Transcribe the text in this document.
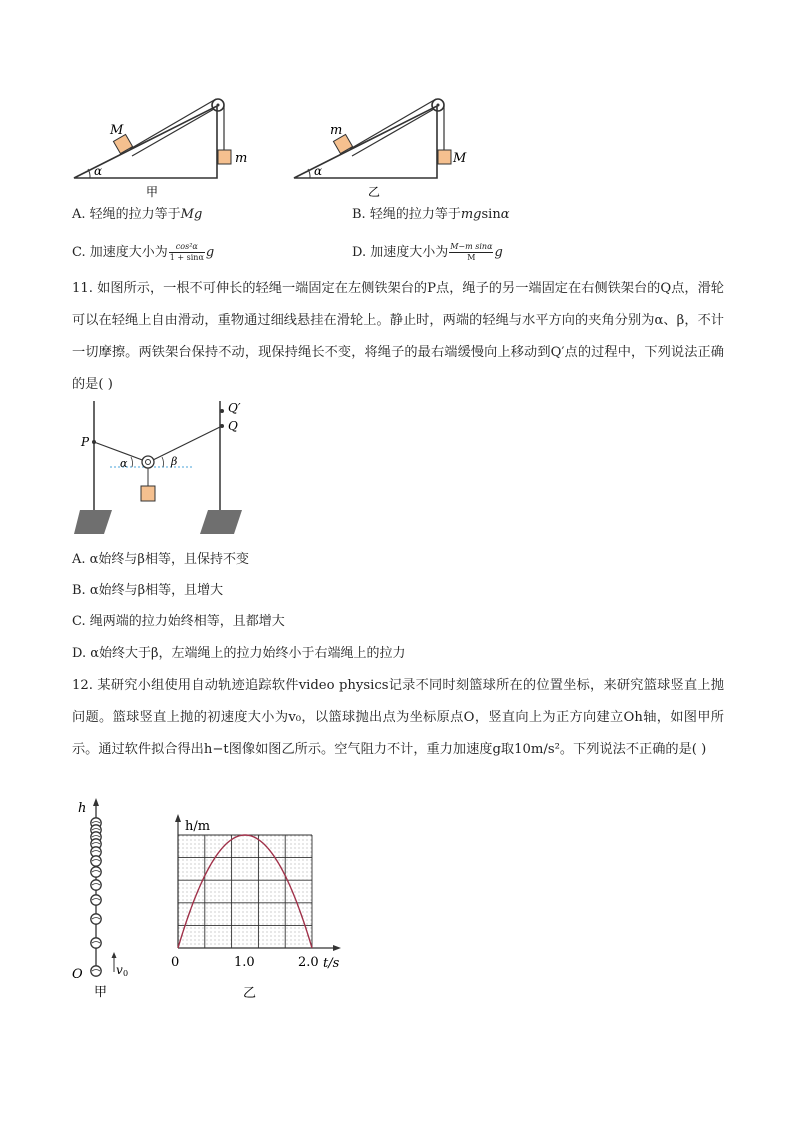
M
m
α
甲
m
M
α
乙
A. 轻绳的拉力等于Mg	B. 轻绳的拉力等于mgsinα
C. 加速度大小为 $\frac{\text{cos²α}}{1 + \sin\alpha}$ g	D. 加速度大小为 $\frac{\text{M−m sinα}}{M}$ g
11. 如图所示，一根不可伸长的轻绳一端固定在左侧铁架台的P点，绳子的另一端固定在右侧铁架台的Q点，滑轮可以在轻绳上自由滑动，重物通过细线悬挂在滑轮上。静止时，两端的轻绳与水平方向的夹角分别为α、β，不计一切摩擦。两铁架台保持不动，现保持绳长不变，将绳子的最右端缓慢向上移动到Q′点的过程中，下列说法正确的是( )
P
Q
Q′
α	β
A. α始终与β相等，且保持不变
B. α始终与β相等，且增大
C. 绳两端的拉力始终相等，且都增大
D. α始终大于β，左端绳上的拉力始终小于右端绳上的拉力
12. 某研究小组使用自动轨迹追踪软件video physics记录不同时刻篮球所在的位置坐标，来研究篮球竖直上抛问题。篮球竖直上抛的初速度大小为v₀，以篮球抛出点为坐标原点O，竖直向上为正方向建立Oh轴，如图甲所示。通过软件拟合得出h−t图像如图乙所示。空气阻力不计，重力加速度g取10m/s²。下列说法不正确的是( )
h
v 0
O
甲
h/m
t/s
0	1.0	2.0
乙
